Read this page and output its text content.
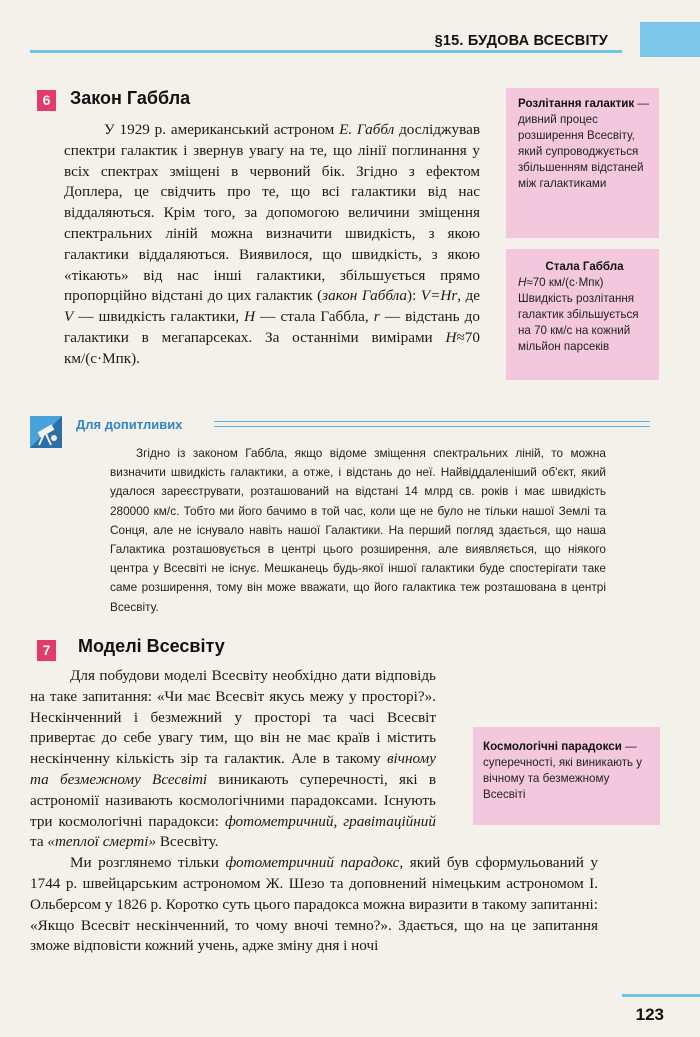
§15. БУДОВА ВСЕСВІТУ
6	Закон Габбла

У 1929 р. американський астроном Е. Габбл досліджував спектри галактик і звернув увагу на те, що лінії поглинання у всіх спектрах зміщені в червоний бік. Згідно з ефектом Доплера, це свідчить про те, що всі галактики від нас віддаляються. Крім того, за допомогою величини зміщення спектральних ліній можна визначити швидкість, з якою галактики віддаляються. Виявилося, що швидкість, з якою «тікають» від нас інші галактики, збільшується прямо пропорційно відстані до цих галактик (закон Габбла): V=Hr, де V — швидкість галактики, H — стала Габбла, r — відстань до галактики в мегапарсеках. За останніми вимірами H≈70 км/(с·Мпк).

Розлітання галактик — дивний процес розширення Всесвіту, який супроводжується збільшенням відстаней між галактиками
Стала Габбла
H≈70 км/(с·Мпк)
Швидкість розлітання галактик збільшується на 70 км/с на кожний мільйон парсеків
Для допитливих

Згідно із законом Габбла, якщо відоме зміщення спектральних ліній, то можна визначити швидкість галактики, а отже, і відстань до неї. Найвіддаленіший об'єкт, який удалося зареєструвати, розташований на відстані 14 млрд св. років і має швидкість 280000 км/с. Тобто ми його бачимо в той час, коли ще не було не тільки нашої Землі та Сонця, але не існувало навіть нашої Галактики. На перший погляд здається, що наша Галактика розташовується в центрі цього розширення, але виявляється, що ніякого центра у Всесвіті не існує. Мешканець будь-якої іншої галактики буде спостерігати таке саме розширення, тому він може вважати, що його галактика теж розташована в центрі Всесвіту.

7	Моделі Всесвіту

Для побудови моделі Всесвіту необхідно дати відповідь на таке запитання: «Чи має Всесвіт якусь межу у просторі?». Нескінченний і безмежний у просторі та часі Всесвіт привертає до себе увагу тим, що він не має країв і містить нескінченну кількість зір та галактик. Але в такому вічному та безмежному Всесвіті виникають суперечності, які в астрономії називають космологічними парадоксами. Існують три космологічні парадокси: фотометричний, гравітаційний та «теплої смерті» Всесвіту.

Ми розглянемо тільки фотометричний парадокс, який був сформульований у 1744 р. швейцарським астрономом Ж. Шезо та доповнений німецьким астрономом І. Ольберсом у 1826 р. Коротко суть цього парадокса можна виразити в такому запитанні: «Якщо Всесвіт нескінченний, то чому вночі темно?». Здається, що на це запитання зможе відповісти кожний учень, адже зміну дня і ночі

Космологічні парадокси — суперечності, які виникають у вічному та безмежному Всесвіті
123
